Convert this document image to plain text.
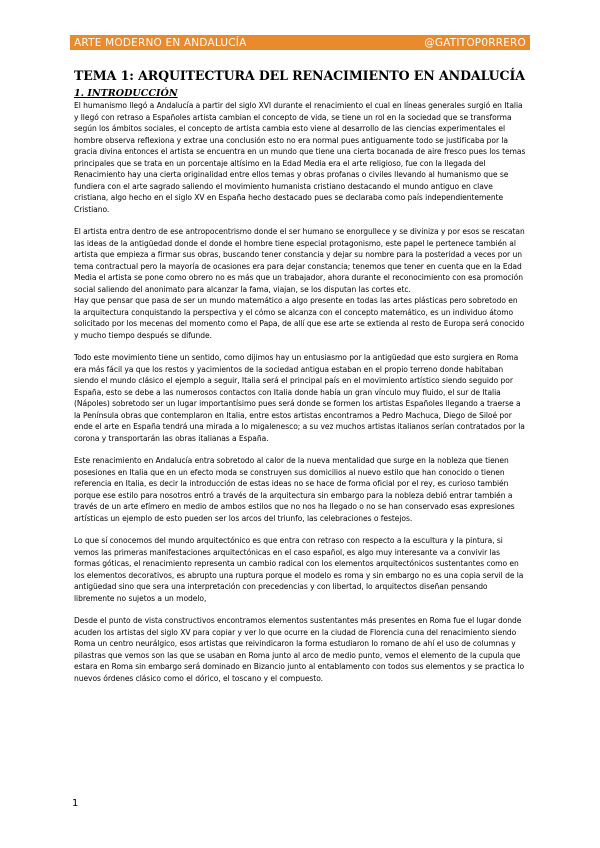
ARTE MODERNO EN ANDALUCÍA	@GATITOP0RRERO
TEMA 1: ARQUITECTURA DEL RENACIMIENTO EN ANDALUCÍA
1. INTRODUCCIÓN

El humanismo llegó a Andalucía a partir del siglo XVI durante el renacimiento el cual en líneas generales surgió en Italia y llegó con retraso a Españoles artista cambian el concepto de vida, se tiene un rol en la sociedad que se transforma según los ámbitos sociales, el concepto de artista cambia esto viene al desarrollo de las ciencias experimentales el hombre observa reflexiona y extrae una conclusión esto no era normal pues antiguamente todo se justificaba por la gracia divina entonces el artista se encuentra en un mundo que tiene una cierta bocanada de aire fresco pues los temas principales que se trata en un porcentaje altísimo en la Edad Media era el arte religioso, fue con la llegada del Renacimiento hay una cierta originalidad entre ellos temas y obras profanas o civiles llevando al humanismo que se fundiera con el arte sagrado saliendo el movimiento humanista cristiano destacando el mundo antiguo en clave cristiana, algo hecho en el siglo XV en España hecho destacado pues se declaraba como país independientemente Cristiano.

El artista entra dentro de ese antropocentrismo donde el ser humano se enorgullece y se diviniza y por esos se rescatan las ideas de la antigüedad donde el donde el hombre tiene especial protagonismo, este papel le pertenece también al artista que empieza a firmar sus obras, buscando tener constancia y dejar su nombre para la posteridad a veces por un tema contractual pero la mayoría de ocasiones era para dejar constancia; tenemos que tener en cuenta que en la Edad Media el artista se pone como obrero no es más que un trabajador, ahora durante el reconocimiento con esa promoción social saliendo del anonimato para alcanzar la fama, viajan, se los disputan las cortes etc.

Hay que pensar que pasa de ser un mundo matemático a algo presente en todas las artes plásticas pero sobretodo en la arquitectura conquistando la perspectiva y el cómo se alcanza con el concepto matemático, es un individuo átomo solicitado por los mecenas del momento como el Papa, de allí que ese arte se extienda al resto de Europa será conocido y mucho tiempo después se difunde.

Todo este movimiento tiene un sentido, como dijimos hay un entusiasmo por la antigüedad que esto surgiera en Roma era más fácil ya que los restos y yacimientos de la sociedad antigua estaban en el propio terreno donde habitaban siendo el mundo clásico el ejemplo a seguir, Italia será el principal país en el movimiento artístico siendo seguido por España, esto se debe a las numerosos contactos con Italia donde había un gran vínculo muy fluido, el sur de Italia (Nápoles) sobretodo ser un lugar importantísimo pues será donde se formen los artistas Españoles llegando a traerse a la Península obras que contemplaron en Italia, entre estos artistas encontramos a Pedro Machuca, Diego de Siloé por ende el arte en España tendrá una mirada a lo migalenesco; a su vez muchos artistas italianos serían contratados por la corona y transportarán las obras italianas a España.

Este renacimiento en Andalucía entra sobretodo al calor de la nueva mentalidad que surge en la nobleza que tienen posesiones en Italia que en un efecto moda se construyen sus domicilios al nuevo estilo que han conocido o tienen referencia en Italia, es decir la introducción de estas ideas no se hace de forma oficial por el rey, es curioso también porque ese estilo para nosotros entró a través de la arquitectura sin embargo para la nobleza debió entrar también a través de un arte efímero en medio de ambos estilos que no nos ha llegado o no se han conservado esas expresiones artísticas un ejemplo de esto pueden ser los arcos del triunfo, las celebraciones o festejos.

Lo que sí conocemos del mundo arquitectónico es que entra con retraso con respecto a la escultura y la pintura, si vemos las primeras manifestaciones arquitectónicas en el caso español, es algo muy interesante va a convivir las formas góticas, el renacimiento representa un cambio radical con los elementos arquitectónicos sustentantes como en los elementos decorativos, es abrupto una ruptura porque el modelo es roma y sin embargo no es una copia servil de la antigüedad sino que sera una interpretación con precedencias y con libertad, lo arquitectos diseñan pensando libremente no sujetos a un modelo,

Desde el punto de vista constructivos encontramos elementos sustentantes más presentes en Roma fue el lugar donde acuden los artistas del siglo XV para copiar y ver lo que ocurre en la ciudad de Florencia cuna del renacimiento siendo Roma un centro neurálgico, esos artistas que reivindicaron la forma estudiaron lo romano de ahí el uso de columnas y pilastras que vemos son las que se usaban en Roma junto al arco de medio punto, vemos el elemento de la cupula que estara en Roma sin embargo será dominado en Bizancio junto al entablamento con todos sus elementos y se practica lo nuevos órdenes clásico como el dórico, el toscano y el compuesto.

1
